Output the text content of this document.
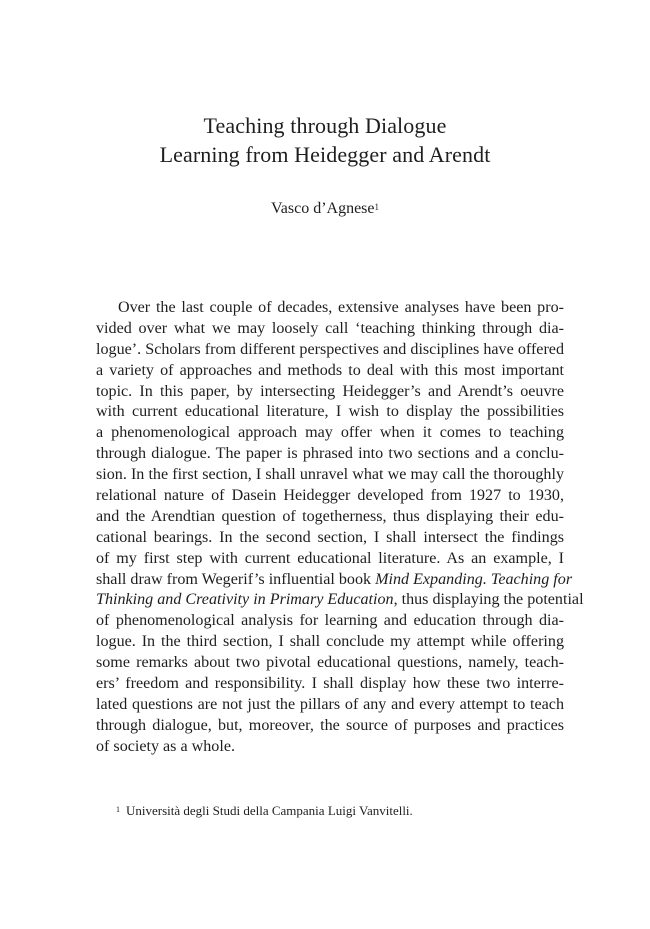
Teaching through Dialogue
Learning from Heidegger and Arendt
Vasco d’Agnese$^1$
Over the last couple of decades, extensive analyses have been pro-
vided over what we may loosely call ‘teaching thinking through dia-
logue’. Scholars from different perspectives and disciplines have offered
a variety of approaches and methods to deal with this most important
topic. In this paper, by intersecting Heidegger’s and Arendt’s oeuvre
with current educational literature, I wish to display the possibilities
a phenomenological approach may offer when it comes to teaching
through dialogue. The paper is phrased into two sections and a conclu-
sion. In the first section, I shall unravel what we may call the thoroughly
relational nature of Dasein Heidegger developed from 1927 to 1930,
and the Arendtian question of togetherness, thus displaying their edu-
cational bearings. In the second section, I shall intersect the findings
of my first step with current educational literature. As an example, I
shall draw from Wegerif’s influential book Mind Expanding. Teaching for
Thinking and Creativity in Primary Education, thus displaying the potential
of phenomenological analysis for learning and education through dia-
logue. In the third section, I shall conclude my attempt while offering
some remarks about two pivotal educational questions, namely, teach-
ers’ freedom and responsibility. I shall display how these two interre-
lated questions are not just the pillars of any and every attempt to teach
through dialogue, but, moreover, the source of purposes and practices
of society as a whole.
$^1$ Università degli Studi della Campania Luigi Vanvitelli.
